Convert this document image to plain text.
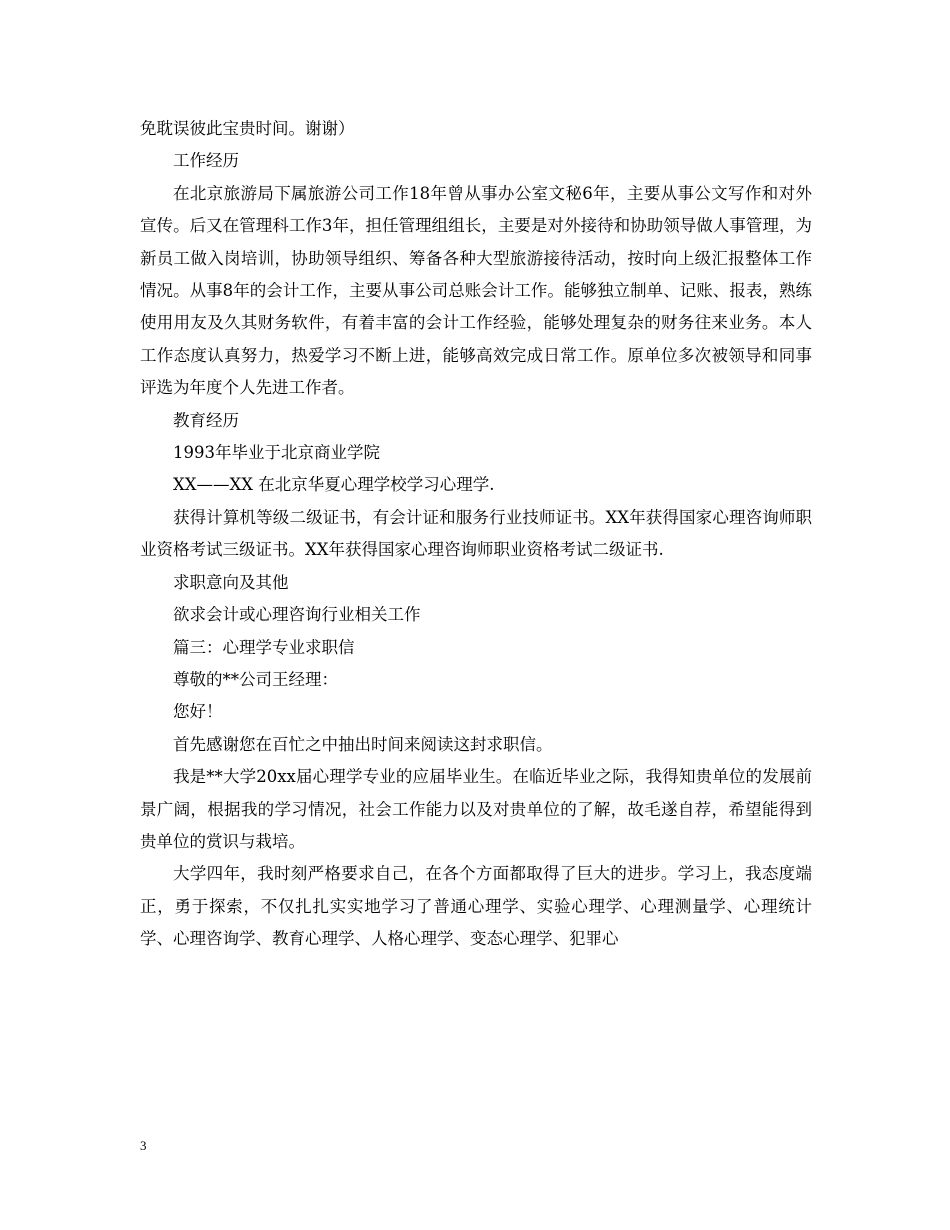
免耽误彼此宝贵时间。谢谢）

工作经历

在北京旅游局下属旅游公司工作18年曾从事办公室文秘6年，主要从事公文写作和对外宣传。后又在管理科工作3年，担任管理组组长，主要是对外接待和协助领导做人事管理，为新员工做入岗培训，协助领导组织、筹备各种大型旅游接待活动，按时向上级汇报整体工作情况。从事8年的会计工作，主要从事公司总账会计工作。能够独立制单、记账、报表，熟练使用用友及久其财务软件，有着丰富的会计工作经验，能够处理复杂的财务往来业务。本人工作态度认真努力，热爱学习不断上进，能够高效完成日常工作。原单位多次被领导和同事评选为年度个人先进工作者。

教育经历

1993年毕业于北京商业学院

XX——XX 在北京华夏心理学校学习心理学.

获得计算机等级二级证书，有会计证和服务行业技师证书。XX年获得国家心理咨询师职业资格考试三级证书。XX年获得国家心理咨询师职业资格考试二级证书.

求职意向及其他

欲求会计或心理咨询行业相关工作

篇三：心理学专业求职信

尊敬的**公司王经理：

您好！

首先感谢您在百忙之中抽出时间来阅读这封求职信。

我是**大学20xx届心理学专业的应届毕业生。在临近毕业之际，我得知贵单位的发展前景广阔，根据我的学习情况，社会工作能力以及对贵单位的了解，故毛遂自荐，希望能得到贵单位的赏识与栽培。

大学四年，我时刻严格要求自己，在各个方面都取得了巨大的进步。学习上，我态度端正，勇于探索，不仅扎扎实实地学习了普通心理学、实验心理学、心理测量学、心理统计学、心理咨询学、教育心理学、人格心理学、变态心理学、犯罪心

3
